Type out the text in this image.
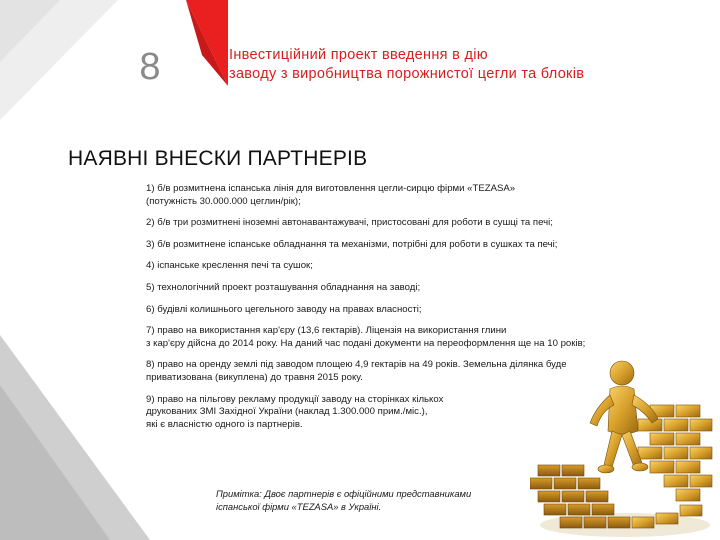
8	Інвестиційний проект введення в дію
заводу з виробництва порожнистої цегли та блоків
НАЯВНІ ВНЕСКИ ПАРТНЕРІВ
1) б/в розмитнена іспанська лінія для виготовлення цегли-сирцю фірми «TEZASA»
(потужність 30.000.000 цеглин/рік);
2) б/в три розмитнені іноземні автонавантажувачі, пристосовані для роботи в сушці та печі;
3) б/в розмитнене іспанське обладнання та механізми, потрібні для роботи в сушках та печі;
4) іспанське креслення печі та сушок;
5) технологічний проект розташування обладнання на заводі;
6) будівлі колишнього цегельного заводу на правах власності;
7) право на використання кар'єру (13,6 гектарів). Ліцензія на використання глини
з кар'єру дійсна до 2014 року. На даний час подані документи на переоформлення ще на 10 років;
8) право на оренду землі під заводом площею 4,9 гектарів на 49 років. Земельна ділянка буде
приватизована (викуплена) до травня 2015 року.
9) право на пільгову рекламу продукції заводу на сторінках кількох
друкованих ЗМІ Західної України (наклад 1.300.000 прим./міс.),
які є власністю одного із партнерів.
Примітка: Двоє партнерів є офіційними представниками
іспанської фірми «TEZASA» в Україні.
